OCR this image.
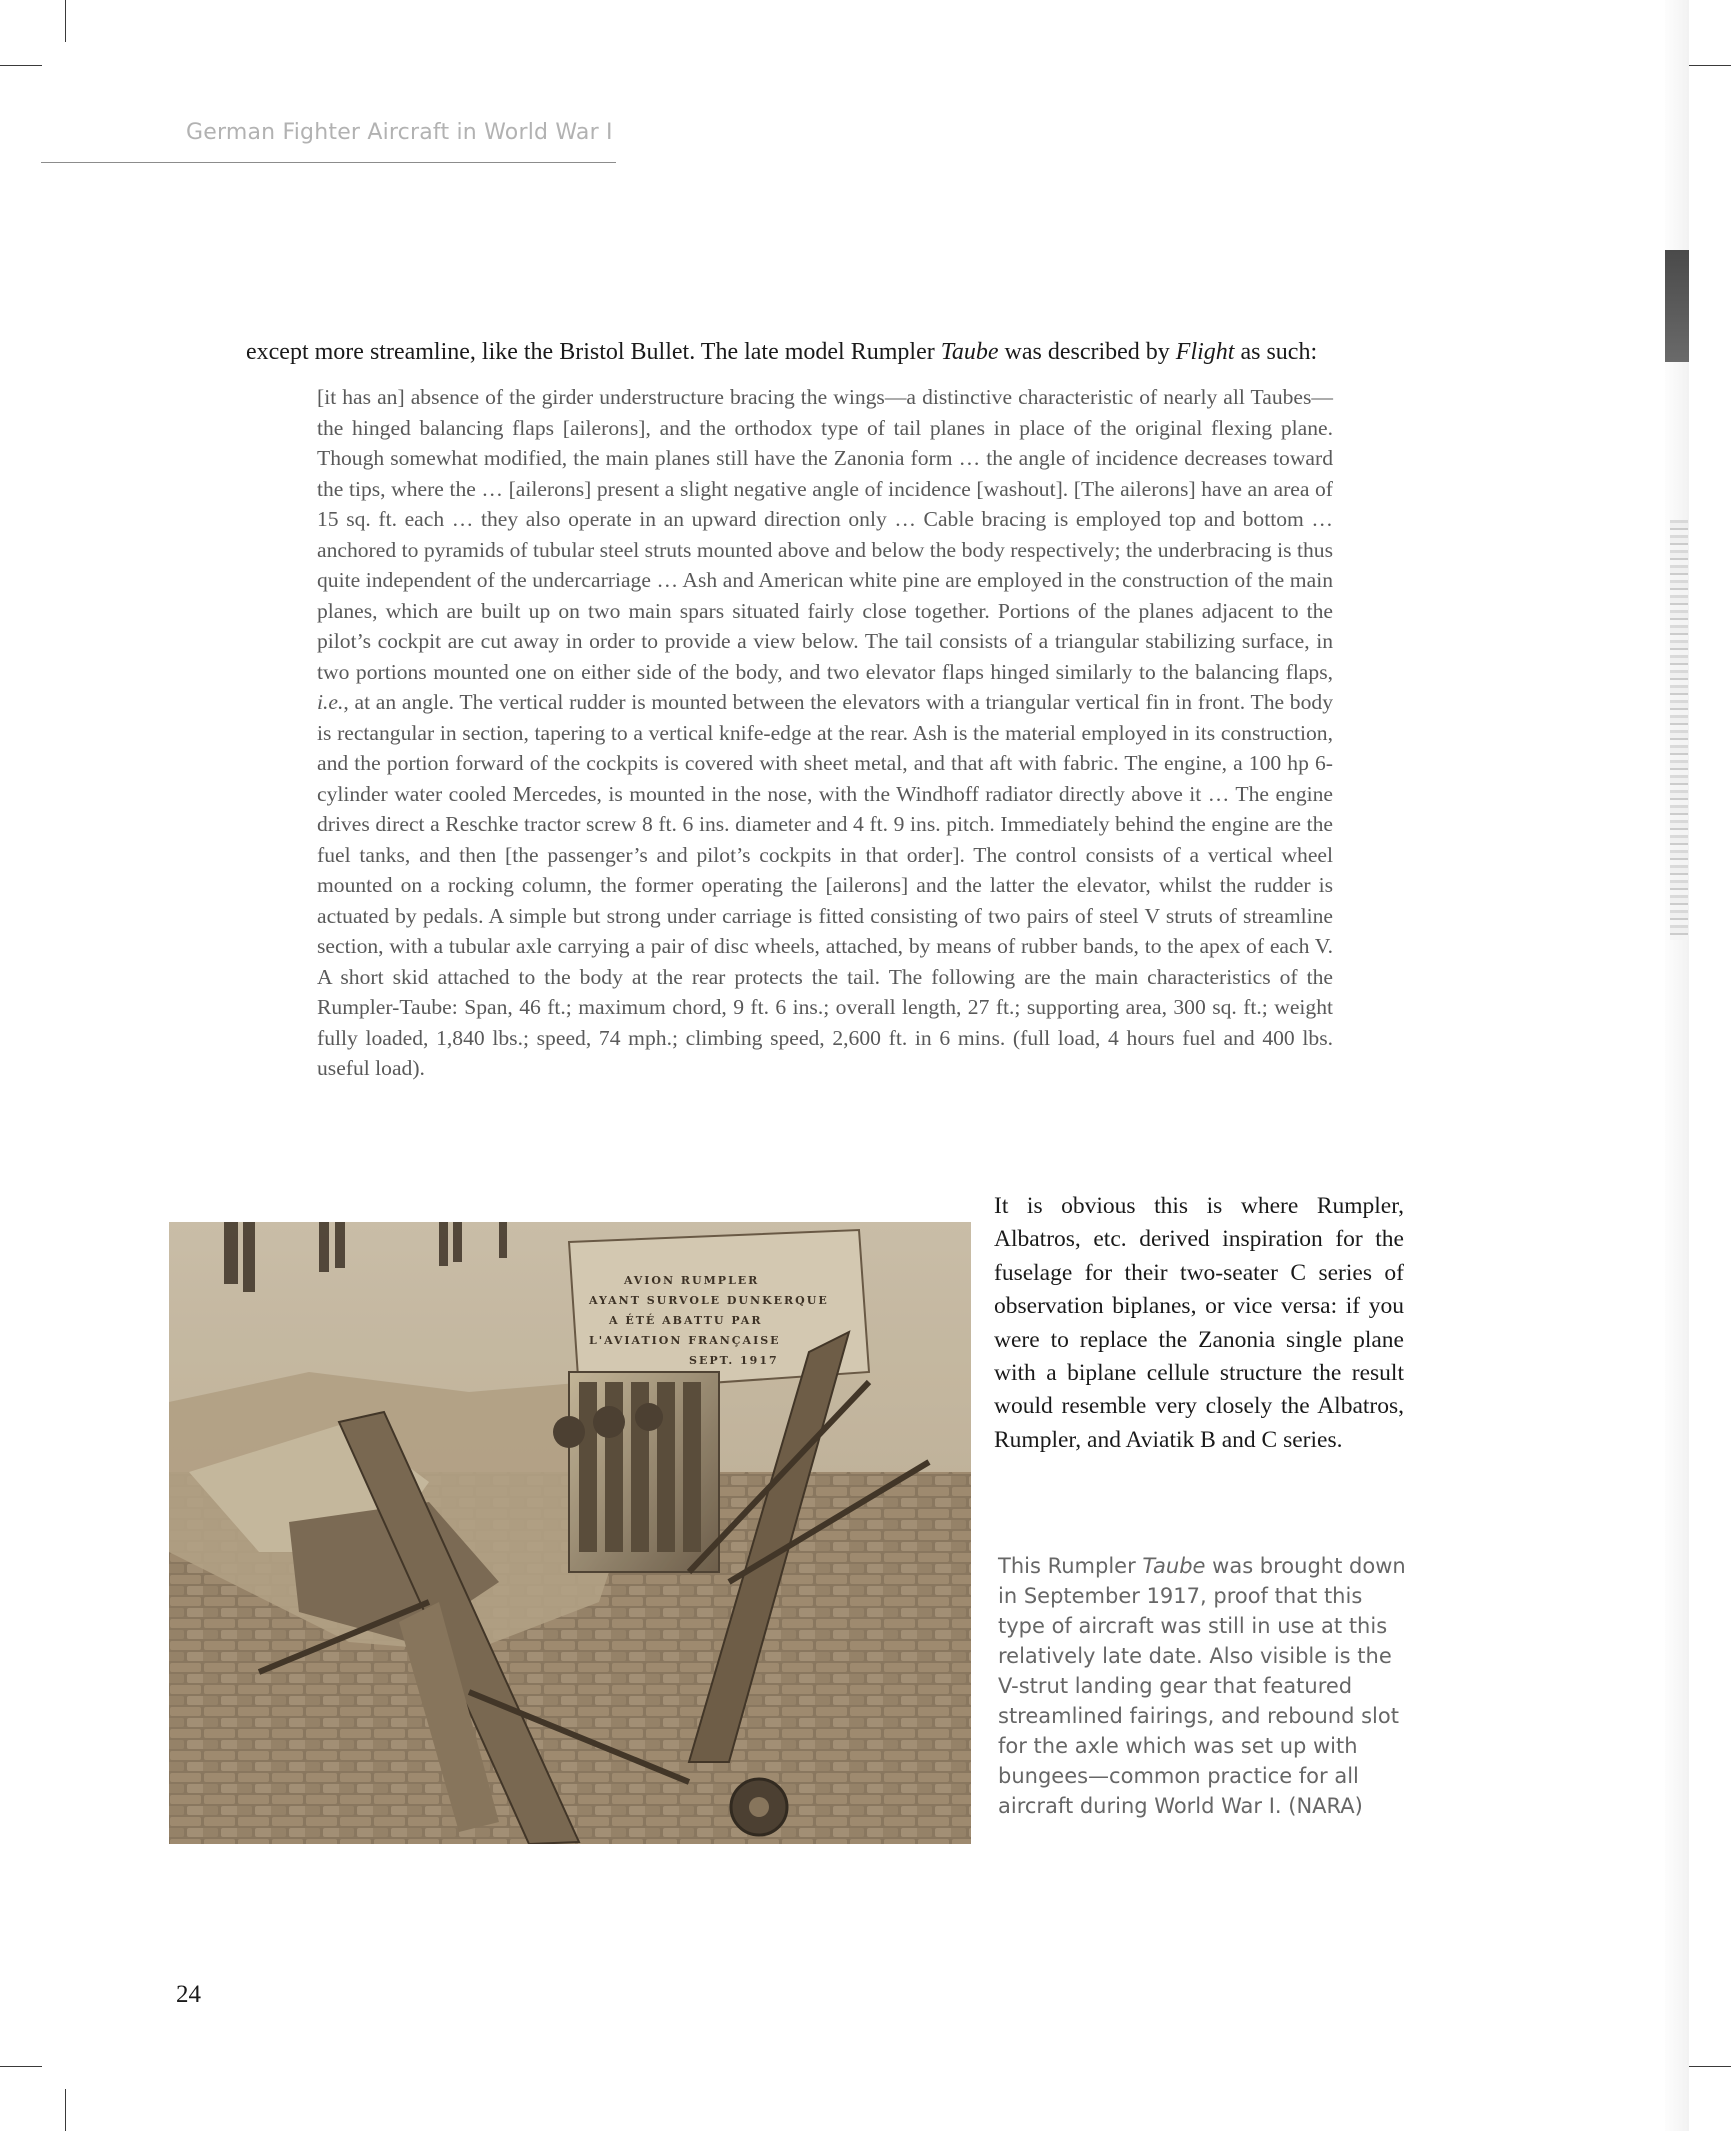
German Fighter Aircraft in World War I
except more streamline, like the Bristol Bullet. The late model Rumpler Taube was described by Flight as such:

[it has an] absence of the girder understructure bracing the wings—a distinctive characteristic of nearly all Taubes—the hinged balancing flaps [ailerons], and the orthodox type of tail planes in place of the original flexing plane. Though somewhat modified, the main planes still have the Zanonia form … the angle of incidence decreases toward the tips, where the … [ailerons] present a slight negative angle of incidence [washout]. [The ailerons] have an area of 15 sq. ft. each … they also operate in an upward direction only … Cable bracing is employed top and bottom … anchored to pyramids of tubular steel struts mounted above and below the body respectively; the underbracing is thus quite independent of the undercarriage … Ash and American white pine are employed in the construction of the main planes, which are built up on two main spars situated fairly close together. Portions of the planes adjacent to the pilot’s cockpit are cut away in order to provide a view below. The tail consists of a triangular stabilizing surface, in two portions mounted one on either side of the body, and two elevator flaps hinged similarly to the balancing flaps, i.e., at an angle. The vertical rudder is mounted between the elevators with a triangular vertical fin in front. The body is rectangular in section, tapering to a vertical knife-edge at the rear. Ash is the material employed in its construction, and the portion forward of the cockpits is covered with sheet metal, and that aft with fabric. The engine, a 100 hp 6-cylinder water cooled Mercedes, is mounted in the nose, with the Windhoff radiator directly above it … The engine drives direct a Reschke tractor screw 8 ft. 6 ins. diameter and 4 ft. 9 ins. pitch. Immediately behind the engine are the fuel tanks, and then [the passenger’s and pilot’s cockpits in that order]. The control consists of a vertical wheel mounted on a rocking column, the former operating the [ailerons] and the latter the elevator, whilst the rudder is actuated by pedals. A simple but strong under carriage is fitted consisting of two pairs of steel V struts of streamline section, with a tubular axle carrying a pair of disc wheels, attached, by means of rubber bands, to the apex of each V. A short skid attached to the body at the rear protects the tail. The following are the main characteristics of the Rumpler-Taube: Span, 46 ft.; maximum chord, 9 ft. 6 ins.; overall length, 27 ft.; supporting area, 300 sq. ft.; weight fully loaded, 1,840 lbs.; speed, 74 mph.; climbing speed, 2,600 ft. in 6 mins. (full load, 4 hours fuel and 400 lbs. useful load).

AVION RUMPLER
AYANT SURVOLE DUNKERQUE
A ÉTÉ ABATTU PAR
L'AVIATION FRANÇAISE
SEPT. 1917

It is obvious this is where Rumpler, Albatros, etc. derived inspiration for the fuselage for their two-seater C series of observation biplanes, or vice versa: if you were to replace the Zanonia single plane with a biplane cellule structure the result would resemble very closely the Albatros, Rumpler, and Aviatik B and C series.

This Rumpler Taube was brought down in September 1917, proof that this type of aircraft was still in use at this relatively late date. Also visible is the V-strut landing gear that featured streamlined fairings, and rebound slot for the axle which was set up with bungees—common practice for all aircraft during World War I. (NARA)

24
